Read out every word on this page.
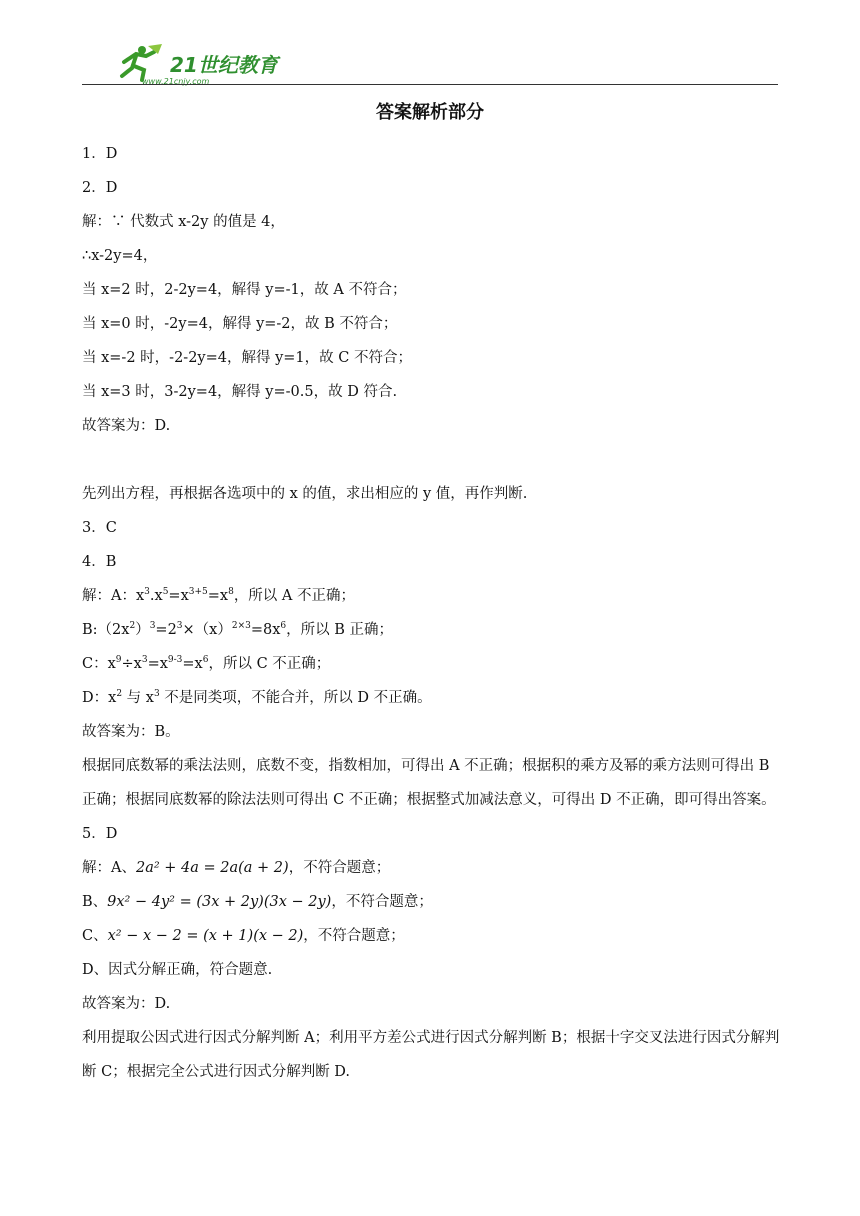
21世纪教育
www.21cnjy.com
答案解析部分
1．D
2．D
解：∵ 代数式 x-2y 的值是 4，
∴x-2y=4，
当 x=2 时，2-2y=4，解得 y=-1，故 A 不符合；
当 x=0 时，-2y=4，解得 y=-2，故 B 不符合；
当 x=-2 时，-2-2y=4，解得 y=1，故 C 不符合；
当 x=3 时，3-2y=4，解得 y=-0.5，故 D 符合.
故答案为：D.
先列出方程，再根据各选项中的 x 的值，求出相应的 y 值，再作判断.
3．C
4．B
解：A：$x^3.x^5=x^{3+5}=x^8$，所以 A 不正确；
$B:(2x^2)^3=2^3\times(x)^{2\times 3}=8x^6$，所以 B 正确；
C：$x^9\div x^3=x^{9-3}=x^6$，所以 C 不正确；
D：$x^2$ 与 $x^3$ 不是同类项，不能合并，所以 D 不正确。
故答案为：B。
根据同底数幂的乘法法则，底数不变，指数相加，可得出 A 不正确；根据积的乘方及幂的乘方法则可得出 B 正确；根据同底数幂的除法法则可得出 C 不正确；根据整式加减法意义，可得出 D 不正确，即可得出答案。
5．D
解：A、2a² + 4a = 2a(a + 2)，不符合题意；
B、9x² − 4y² = (3x + 2y)(3x − 2y)，不符合题意；
C、x² − x − 2 = (x + 1)(x − 2)，不符合题意；
D、因式分解正确，符合题意.
故答案为：D.
利用提取公因式进行因式分解判断 A；利用平方差公式进行因式分解判断 B；根据十字交叉法进行因式分解判断 C；根据完全公式进行因式分解判断 D.
